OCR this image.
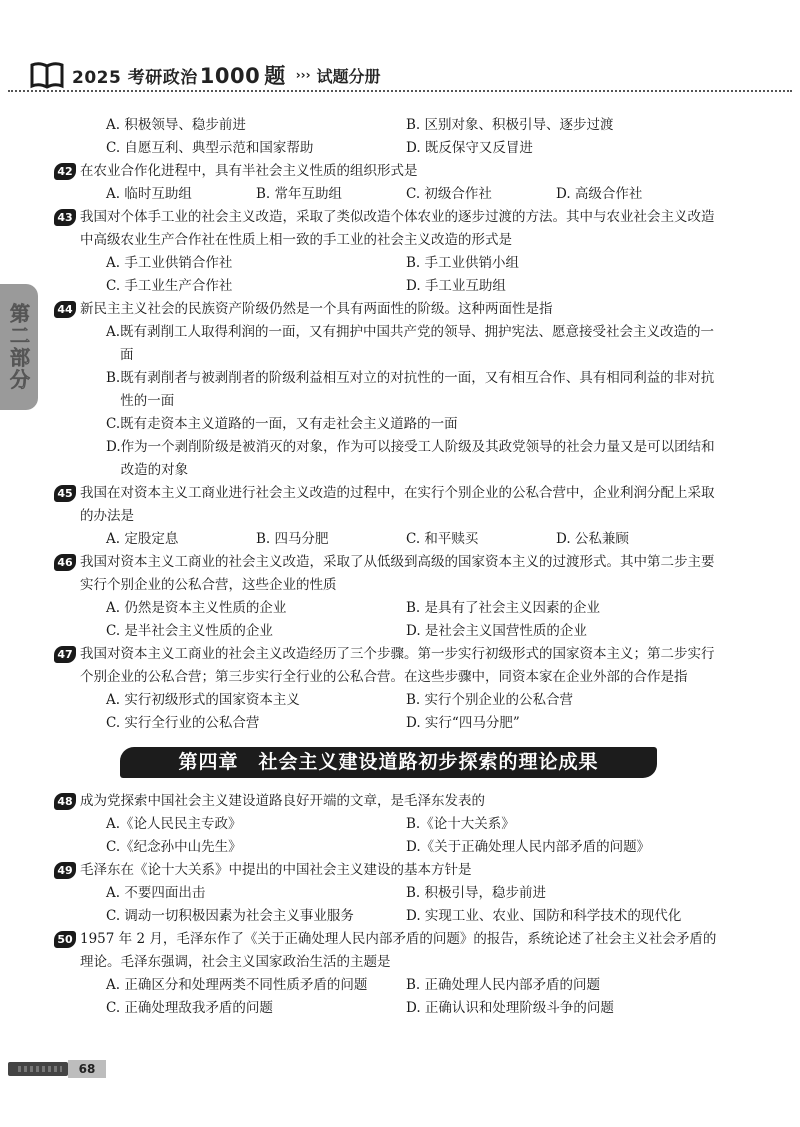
2025 考研政治1000 题 ››› 试题分册
第二部分
A. 积极领导、稳步前进	B. 区别对象、积极引导、逐步过渡
C. 自愿互利、典型示范和国家帮助	D. 既反保守又反冒进
42 在农业合作化进程中，具有半社会主义性质的组织形式是
A. 临时互助组	B. 常年互助组	C. 初级合作社	D. 高级合作社
43 我国对个体手工业的社会主义改造，采取了类似改造个体农业的逐步过渡的方法。其中与农业社会主义改造中高级农业生产合作社在性质上相一致的手工业的社会主义改造的形式是
A. 手工业供销合作社	B. 手工业供销小组
C. 手工业生产合作社	D. 手工业互助组
44 新民主主义社会的民族资产阶级仍然是一个具有两面性的阶级。这种两面性是指
A. 既有剥削工人取得利润的一面，又有拥护中国共产党的领导、拥护宪法、愿意接受社会主义改造的一面
B. 既有剥削者与被剥削者的阶级利益相互对立的对抗性的一面，又有相互合作、具有相同利益的非对抗性的一面
C. 既有走资本主义道路的一面，又有走社会主义道路的一面
D. 作为一个剥削阶级是被消灭的对象，作为可以接受工人阶级及其政党领导的社会力量又是可以团结和改造的对象
45 我国在对资本主义工商业进行社会主义改造的过程中，在实行个别企业的公私合营中，企业利润分配上采取的办法是
A. 定股定息	B. 四马分肥	C. 和平赎买	D. 公私兼顾
46 我国对资本主义工商业的社会主义改造，采取了从低级到高级的国家资本主义的过渡形式。其中第二步主要实行个别企业的公私合营，这些企业的性质
A. 仍然是资本主义性质的企业	B. 是具有了社会主义因素的企业
C. 是半社会主义性质的企业	D. 是社会主义国营性质的企业
47 我国对资本主义工商业的社会主义改造经历了三个步骤。第一步实行初级形式的国家资本主义；第二步实行个别企业的公私合营；第三步实行全行业的公私合营。在这些步骤中，同资本家在企业外部的合作是指
A. 实行初级形式的国家资本主义	B. 实行个别企业的公私合营
C. 实行全行业的公私合营	D. 实行“四马分肥”
第四章　社会主义建设道路初步探索的理论成果
48 成为党探索中国社会主义建设道路良好开端的文章，是毛泽东发表的
A.《论人民民主专政》	B.《论十大关系》
C.《纪念孙中山先生》	D.《关于正确处理人民内部矛盾的问题》
49 毛泽东在《论十大关系》中提出的中国社会主义建设的基本方针是
A. 不要四面出击	B. 积极引导，稳步前进
C. 调动一切积极因素为社会主义事业服务	D. 实现工业、农业、国防和科学技术的现代化
50 1957 年 2 月，毛泽东作了《关于正确处理人民内部矛盾的问题》的报告，系统论述了社会主义社会矛盾的理论。毛泽东强调，社会主义国家政治生活的主题是
A. 正确区分和处理两类不同性质矛盾的问题	B. 正确处理人民内部矛盾的问题
C. 正确处理敌我矛盾的问题	D. 正确认识和处理阶级斗争的问题
68
